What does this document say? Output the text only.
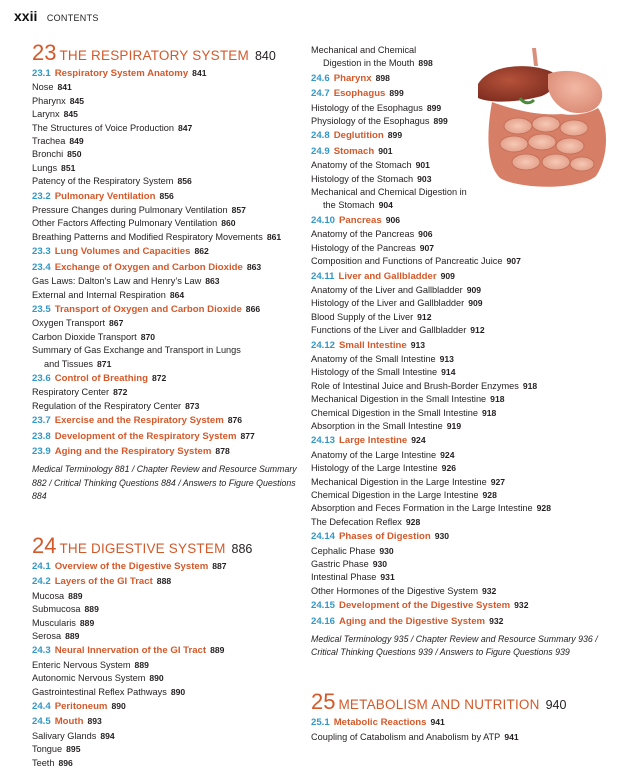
xxii CONTENTS
23 THE RESPIRATORY SYSTEM 840
23.1 Respiratory System Anatomy 841
Nose 841
Pharynx 845
Larynx 845
The Structures of Voice Production 847
Trachea 849
Bronchi 850
Lungs 851
Patency of the Respiratory System 856
23.2 Pulmonary Ventilation 856
Pressure Changes during Pulmonary Ventilation 857
Other Factors Affecting Pulmonary Ventilation 860
Breathing Patterns and Modified Respiratory Movements 861
23.3 Lung Volumes and Capacities 862
23.4 Exchange of Oxygen and Carbon Dioxide 863
Gas Laws: Dalton’s Law and Henry’s Law 863
External and Internal Respiration 864
23.5 Transport of Oxygen and Carbon Dioxide 866
Oxygen Transport 867
Carbon Dioxide Transport 870
Summary of Gas Exchange and Transport in Lungs
and Tissues 871
23.6 Control of Breathing 872
Respiratory Center 872
Regulation of the Respiratory Center 873
23.7 Exercise and the Respiratory System 876
23.8 Development of the Respiratory System 877
23.9 Aging and the Respiratory System 878
Medical Terminology 881 / Chapter Review and Resource Summary 882 / Critical Thinking Questions 884 / Answers to Figure Questions 884
24 THE DIGESTIVE SYSTEM 886
24.1 Overview of the Digestive System 887
24.2 Layers of the GI Tract 888
Mucosa 889
Submucosa 889
Muscularis 889
Serosa 889
24.3 Neural Innervation of the GI Tract 889
Enteric Nervous System 889
Autonomic Nervous System 890
Gastrointestinal Reflex Pathways 890
24.4 Peritoneum 890
24.5 Mouth 893
Salivary Glands 894
Tongue 895
Teeth 896
Mechanical and Chemical
Digestion in the Mouth 898
24.6 Pharynx 898
24.7 Esophagus 899
Histology of the Esophagus 899
Physiology of the Esophagus 899
24.8 Deglutition 899
24.9 Stomach 901
Anatomy of the Stomach 901
Histology of the Stomach 903
Mechanical and Chemical Digestion in
the Stomach 904
24.10 Pancreas 906
Anatomy of the Pancreas 906
Histology of the Pancreas 907
Composition and Functions of Pancreatic Juice 907
24.11 Liver and Gallbladder 909
Anatomy of the Liver and Gallbladder 909
Histology of the Liver and Gallbladder 909
Blood Supply of the Liver 912
Functions of the Liver and Gallbladder 912
24.12 Small Intestine 913
Anatomy of the Small Intestine 913
Histology of the Small Intestine 914
Role of Intestinal Juice and Brush-Border Enzymes 918
Mechanical Digestion in the Small Intestine 918
Chemical Digestion in the Small Intestine 918
Absorption in the Small Intestine 919
24.13 Large Intestine 924
Anatomy of the Large Intestine 924
Histology of the Large Intestine 926
Mechanical Digestion in the Large Intestine 927
Chemical Digestion in the Large Intestine 928
Absorption and Feces Formation in the Large Intestine 928
The Defecation Reflex 928
24.14 Phases of Digestion 930
Cephalic Phase 930
Gastric Phase 930
Intestinal Phase 931
Other Hormones of the Digestive System 932
24.15 Development of the Digestive System 932
24.16 Aging and the Digestive System 932
Medical Terminology 935 / Chapter Review and Resource Summary 936 / Critical Thinking Questions 939 / Answers to Figure Questions 939
25 METABOLISM AND NUTRITION 940
25.1 Metabolic Reactions 941
Coupling of Catabolism and Anabolism by ATP 941
